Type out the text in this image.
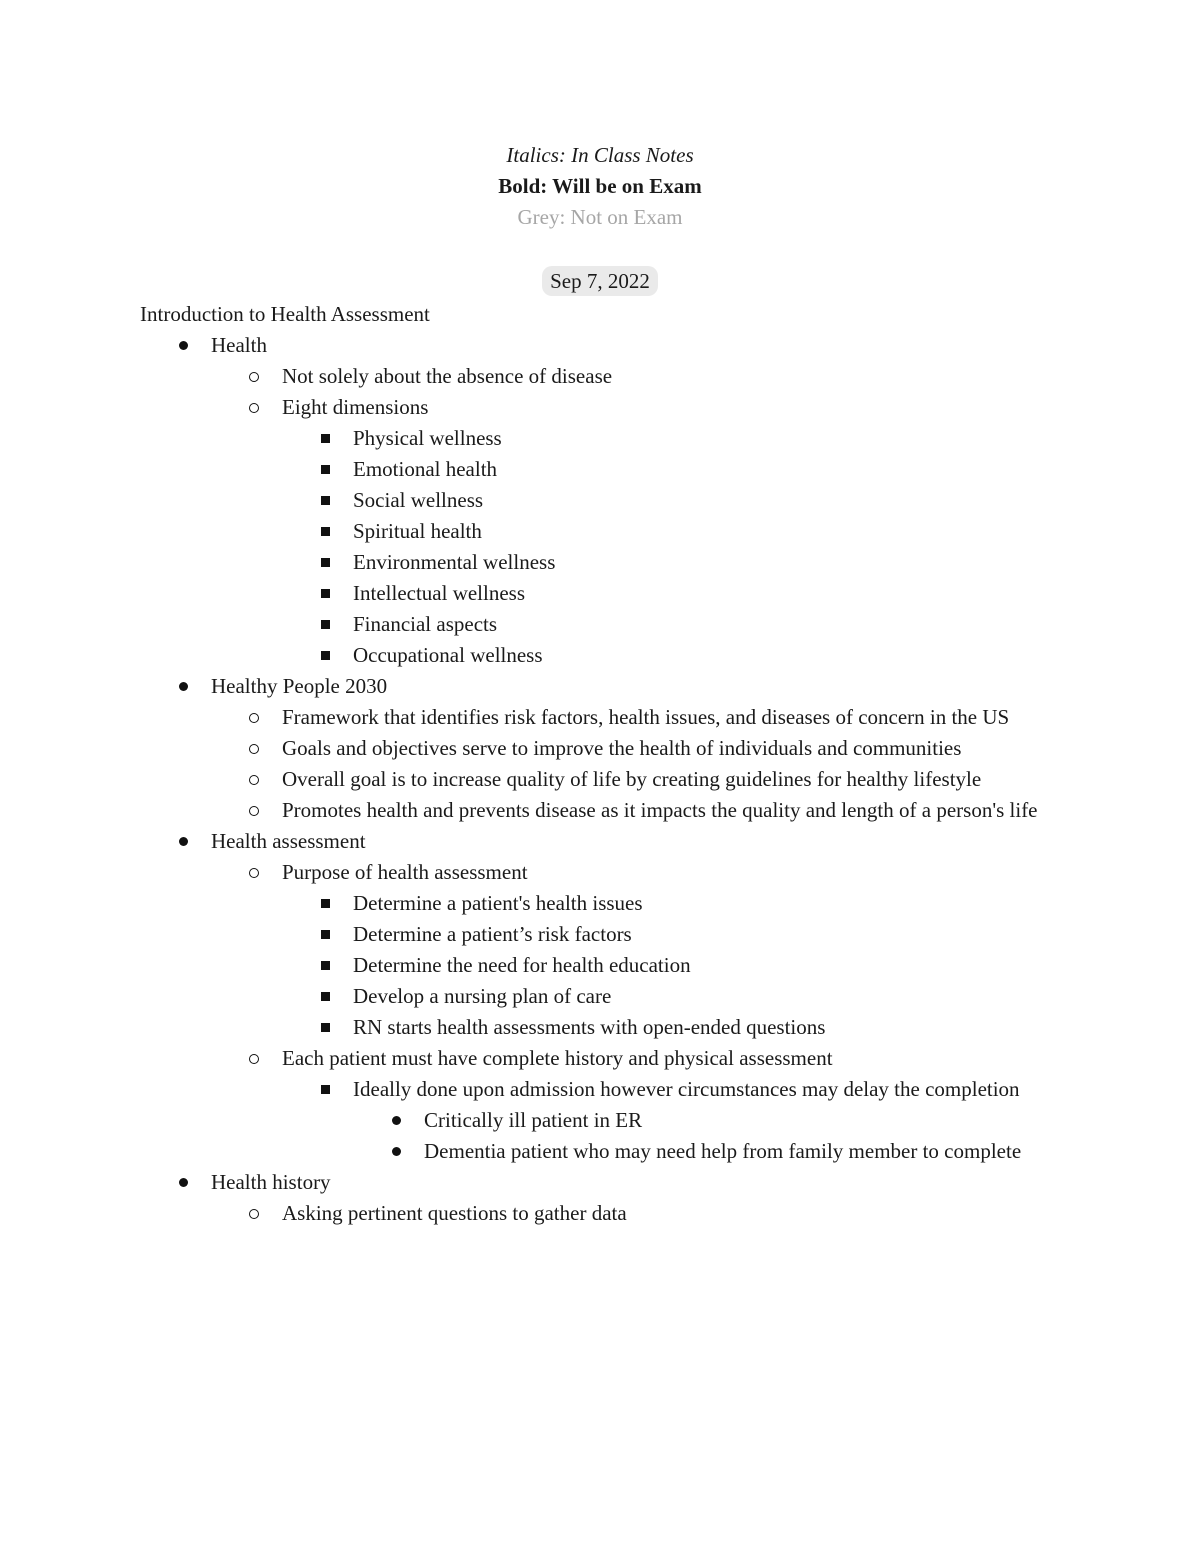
Italics: In Class Notes
Bold: Will be on Exam
Grey: Not on Exam
Sep 7, 2022
Introduction to Health Assessment
Health
Not solely about the absence of disease
Eight dimensions
Physical wellness
Emotional health
Social wellness
Spiritual health
Environmental wellness
Intellectual wellness
Financial aspects
Occupational wellness
Healthy People 2030
Framework that identifies risk factors, health issues, and diseases of concern in the US
Goals and objectives serve to improve the health of individuals and communities
Overall goal is to increase quality of life by creating guidelines for healthy lifestyle
Promotes health and prevents disease as it impacts the quality and length of a person's life
Health assessment
Purpose of health assessment
Determine a patient's health issues
Determine a patient’s risk factors
Determine the need for health education
Develop a nursing plan of care
RN starts health assessments with open-ended questions
Each patient must have complete history and physical assessment
Ideally done upon admission however circumstances may delay the completion
Critically ill patient in ER
Dementia patient who may need help from family member to complete
Health history
Asking pertinent questions to gather data
